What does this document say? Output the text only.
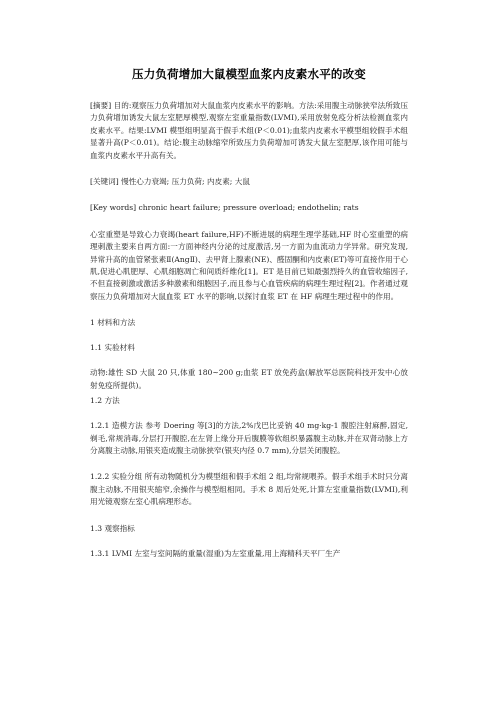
压力负荷增加大鼠模型血浆内皮素水平的改变
[摘要] 目的:观察压力负荷增加对大鼠血浆内皮素水平的影响。方法:采用腹主动脉狭窄法所致压力负荷增加诱发大鼠左室肥厚模型,观察左室重量指数(LVMI),采用放射免疫分析法检测血浆内皮素水平。结果:LVMI 模型组明显高于假手术组(P＜0.01);血浆内皮素水平模型组较假手术组显著升高(P＜0.01)。结论:腹主动脉缩窄所致压力负荷增加可诱发大鼠左室肥厚,该作用可能与血浆内皮素水平升高有关。
[关键词] 慢性心力衰竭; 压力负荷; 内皮素; 大鼠
[Key words] chronic heart failure; pressure overload; endothelin; rats
心室重塑是导致心力衰竭(heart failure,HF)不断进展的病理生理学基础,HF 时心室重塑的病理刺激主要来自两方面:一方面神经内分泌的过度激活,另一方面为血流动力学异常。研究发现,异常升高的血管紧张素Ⅱ(AngⅡ)、去甲肾上腺素(NE)、醛固酮和内皮素(ET)等可直接作用于心肌,促进心肌肥厚、心肌细胞凋亡和间质纤维化[1]。ET 是目前已知最强烈持久的血管收缩因子,不但直接刺激或激活多种激素和细胞因子,而且参与心血管疾病的病理生理过程[2]。作者通过观察压力负荷增加对大鼠血浆 ET 水平的影响,以探讨血浆 ET 在 HF 病理生理过程中的作用。
1 材料和方法
1.1 实验材料
动物:雄性 SD 大鼠 20 只,体重 180~200 g;血浆 ET 放免药盒(解放军总医院科技开发中心放射免疫所提供)。
1.2 方法
1.2.1 造模方法 参考 Doering 等[3]的方法,2%戊巴比妥钠 40 mg·kg-1 腹腔注射麻醉,固定,剃毛,常规消毒,分层打开腹腔,在左肾上缘分开后腹膜等软组织暴露腹主动脉,并在双肾动脉上方分离腹主动脉,用银夹造成腹主动脉狭窄(银夹内径 0.7 mm),分层关闭腹腔。
1.2.2 实验分组 所有动物随机分为模型组和假手术组 2 组,均常规喂养。假手术组手术时只分离腹主动脉,不用银夹缩窄,余操作与模型组相同。手术 8 周后处死,计算左室重量指数(LVMI),利用光镜观察左室心肌病理形态。
1.3 观察指标
1.3.1 LVMI 左室与室间隔的重量(湿重)为左室重量,用上海精科天平厂生产
